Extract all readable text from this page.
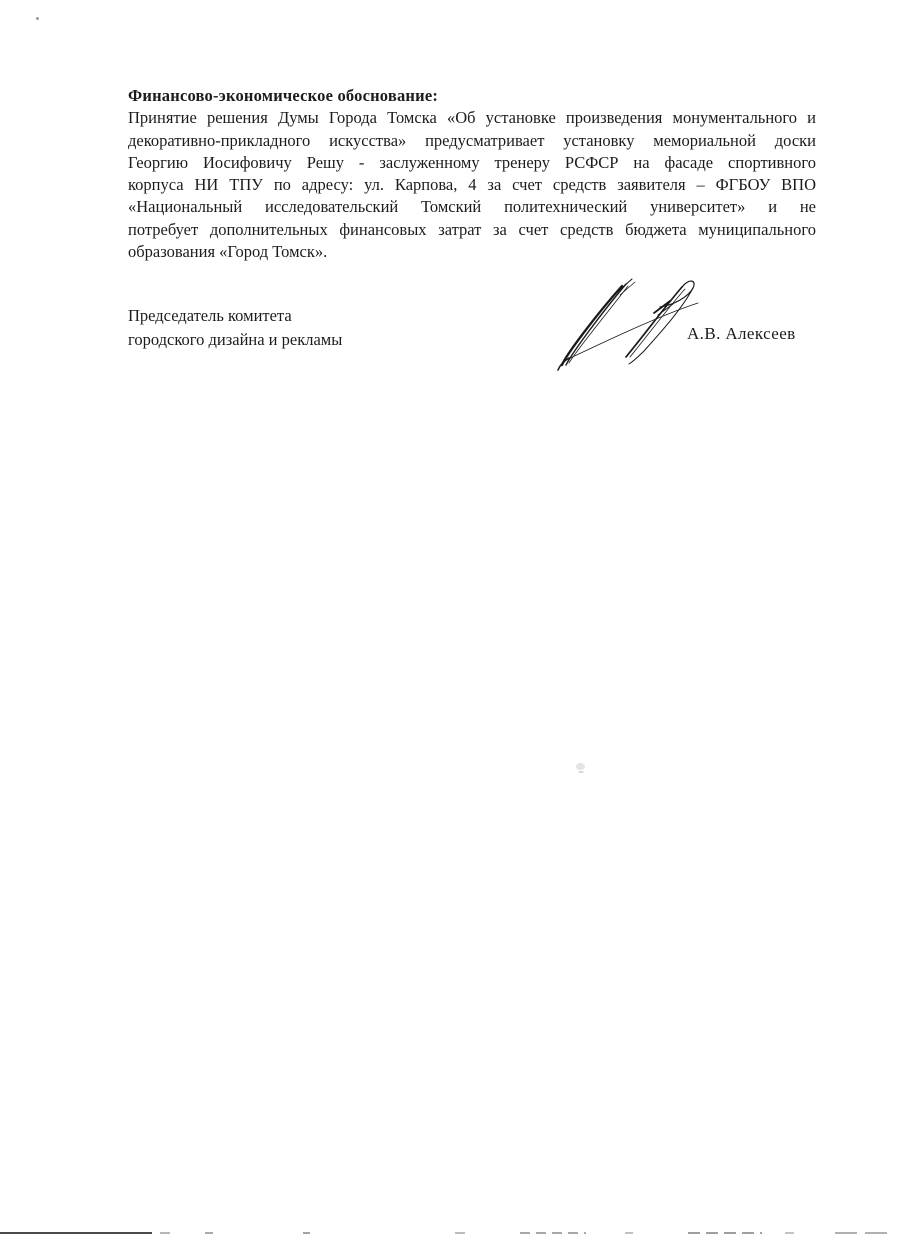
Финансово-экономическое обоснование:
Принятие решения Думы Города Томска «Об установке произведения монументального и
декоративно-прикладного искусства» предусматривает установку мемориальной доски
Георгию Иосифовичу Решу - заслуженному тренеру РСФСР на фасаде спортивного
корпуса НИ ТПУ по адресу: ул. Карпова, 4 за счет средств заявителя – ФГБОУ ВПО
«Национальный исследовательский Томский политехнический университет» и не
потребует дополнительных финансовых затрат за счет средств бюджета муниципального
образования «Город Томск».
Председатель комитета
городского дизайна и рекламы	А.В. Алексеев
